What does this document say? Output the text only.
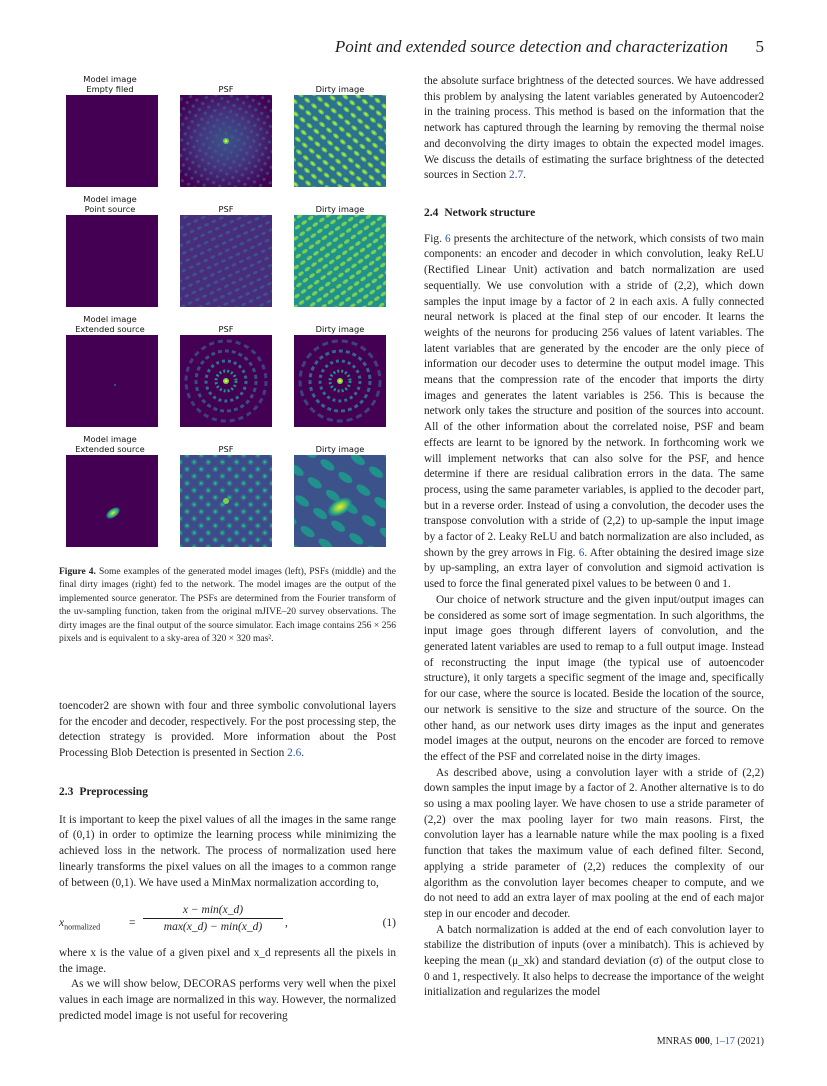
Point and extended source detection and characterization 5
Model image
Empty filed	PSF	Dirty image
Model image
Point source	PSF	Dirty image
Model image
Extended source	PSF	Dirty image
Model image
Extended source	PSF	Dirty image
Figure 4. Some examples of the generated model images (left), PSFs (middle) and the final dirty images (right) fed to the network. The model images are the output of the implemented source generator. The PSFs are determined from the Fourier transform of the uv-sampling function, taken from the original mJIVE–20 survey observations. The dirty images are the final output of the source simulator. Each image contains 256 × 256 pixels and is equivalent to a sky-area of 320 × 320 mas².

toencoder2 are shown with four and three symbolic convolutional layers for the encoder and decoder, respectively. For the post processing step, the detection strategy is provided. More information about the Post Processing Blob Detection is presented in Section 2.6.

2.3 Preprocessing

It is important to keep the pixel values of all the images in the same range of (0,1) in order to optimize the learning process while minimizing the achieved loss in the network. The process of normalization used here linearly transforms the pixel values on all the images to a common range of between (0,1). We have used a MinMax normalization according to,

$x_{normalized}$	=
x − min(x_d)
max(x_d) − min(x_d)	,	(1)

where x is the value of a given pixel and x_d represents all the pixels in the image.

As we will show below, DECORAS performs very well when the pixel values in each image are normalized in this way. However, the normalized predicted model image is not useful for recovering

the absolute surface brightness of the detected sources. We have addressed this problem by analysing the latent variables generated by Autoencoder2 in the training process. This method is based on the information that the network has captured through the learning by removing the thermal noise and deconvolving the dirty images to obtain the expected model images. We discuss the details of estimating the surface brightness of the detected sources in Section 2.7.

2.4 Network structure

Fig. 6 presents the architecture of the network, which consists of two main components: an encoder and decoder in which convolution, leaky ReLU (Rectified Linear Unit) activation and batch normalization are used sequentially. We use convolution with a stride of (2,2), which down samples the input image by a factor of 2 in each axis. A fully connected neural network is placed at the final step of our encoder. It learns the weights of the neurons for producing 256 values of latent variables. The latent variables that are generated by the encoder are the only piece of information our decoder uses to determine the output model image. This means that the compression rate of the encoder that imports the dirty images and generates the latent variables is 256. This is because the network only takes the structure and position of the sources into account. All of the other information about the correlated noise, PSF and beam effects are learnt to be ignored by the network. In forthcoming work we will implement networks that can also solve for the PSF, and hence determine if there are residual calibration errors in the data. The same process, using the same parameter variables, is applied to the decoder part, but in a reverse order. Instead of using a convolution, the decoder uses the transpose convolution with a stride of (2,2) to up-sample the input image by a factor of 2. Leaky ReLU and batch normalization are also included, as shown by the grey arrows in Fig. 6. After obtaining the desired image size by up-sampling, an extra layer of convolution and sigmoid activation is used to force the final generated pixel values to be between 0 and 1.

Our choice of network structure and the given input/output images can be considered as some sort of image segmentation. In such algorithms, the input image goes through different layers of convolution, and the generated latent variables are used to remap to a full output image. Instead of reconstructing the input image (the typical use of autoencoder structure), it only targets a specific segment of the image and, specifically for our case, where the source is located. Beside the location of the source, our network is sensitive to the size and structure of the source. On the other hand, as our network uses dirty images as the input and generates model images at the output, neurons on the encoder are forced to remove the effect of the PSF and correlated noise in the dirty images.

As described above, using a convolution layer with a stride of (2,2) down samples the input image by a factor of 2. Another alternative is to do so using a max pooling layer. We have chosen to use a stride parameter of (2,2) over the max pooling layer for two main reasons. First, the convolution layer has a learnable nature while the max pooling is a fixed function that takes the maximum value of each defined filter. Second, applying a stride parameter of (2,2) reduces the complexity of our algorithm as the convolution layer becomes cheaper to compute, and we do not need to add an extra layer of max pooling at the end of each major step in our encoder and decoder.

A batch normalization is added at the end of each convolution layer to stabilize the distribution of inputs (over a minibatch). This is achieved by keeping the mean (μ_xk) and standard deviation (σ) of the output close to 0 and 1, respectively. It also helps to decrease the importance of the weight initialization and regularizes the model

MNRAS 000, 1–17 (2021)
